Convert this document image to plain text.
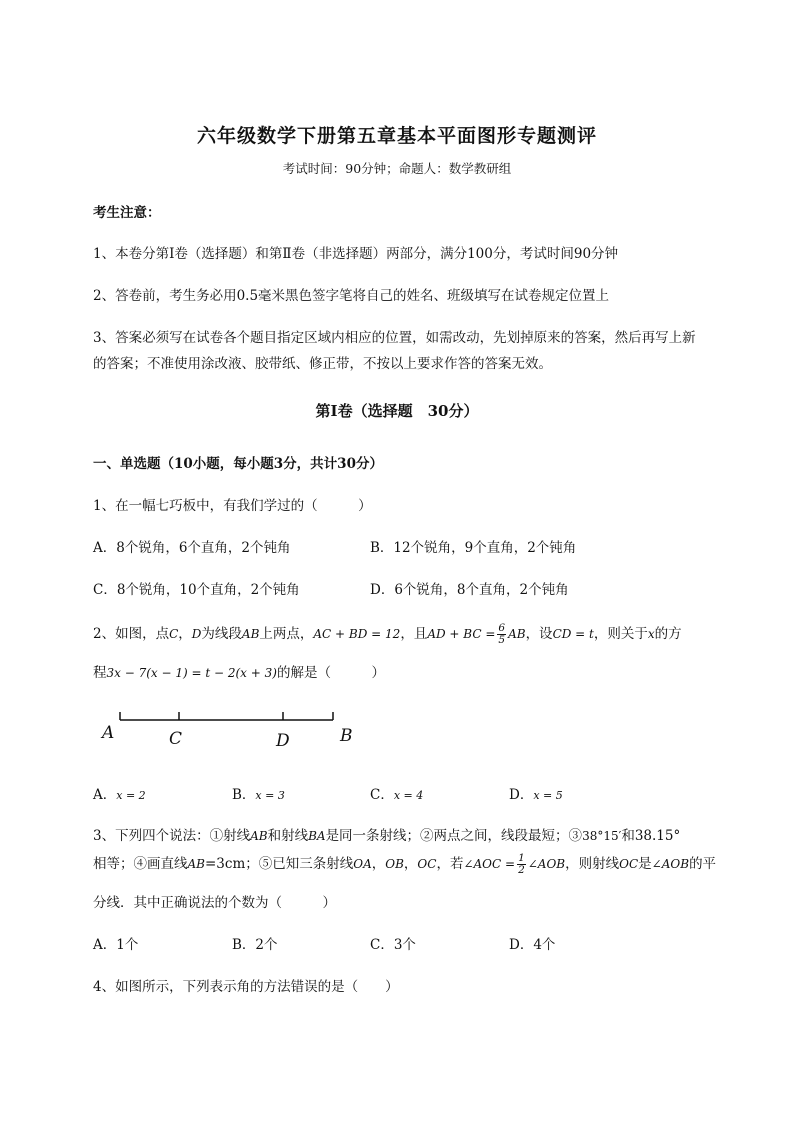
六年级数学下册第五章基本平面图形专题测评
考试时间：90分钟；命题人：数学教研组
考生注意：
1、本卷分第I卷（选择题）和第Ⅱ卷（非选择题）两部分，满分100分，考试时间90分钟
2、答卷前，考生务必用0.5毫米黑色签字笔将自己的姓名、班级填写在试卷规定位置上
3、答案必须写在试卷各个题目指定区域内相应的位置，如需改动，先划掉原来的答案，然后再写上新
的答案；不准使用涂改液、胶带纸、修正带，不按以上要求作答的答案无效。
第I卷（选择题　30分）
一、单选题（10小题，每小题3分，共计30分）
1、在一幅七巧板中，有我们学过的（　　　）
A．8个锐角，6个直角，2个钝角	B．12个锐角，9个直角，2个钝角
C．8个锐角，10个直角，2个钝角	D．6个锐角，8个直角，2个钝角
2、如图，点C，D为线段AB上两点，AC + BD = 12，且AD + BC = $\frac{6}{5}$ AB，设CD = t，则关于x的方
程3x − 7(x − 1) = t − 2(x + 3)的解是（　　　）
A	C	D	B
A．x = 2	B．x = 3	C．x = 4	D．x = 5
3、下列四个说法：①射线AB和射线BA是同一条射线；②两点之间，线段最短；③38°15′和38.15°
相等；④画直线AB=3cm；⑤已知三条射线OA，OB，OC，若∠AOC = $\frac{1}{2}$ ∠AOB，则射线OC是∠AOB的平
分线．其中正确说法的个数为（　　　）
A．1个	B．2个	C．3个	D．4个
4、如图所示，下列表示角的方法错误的是（　　）
